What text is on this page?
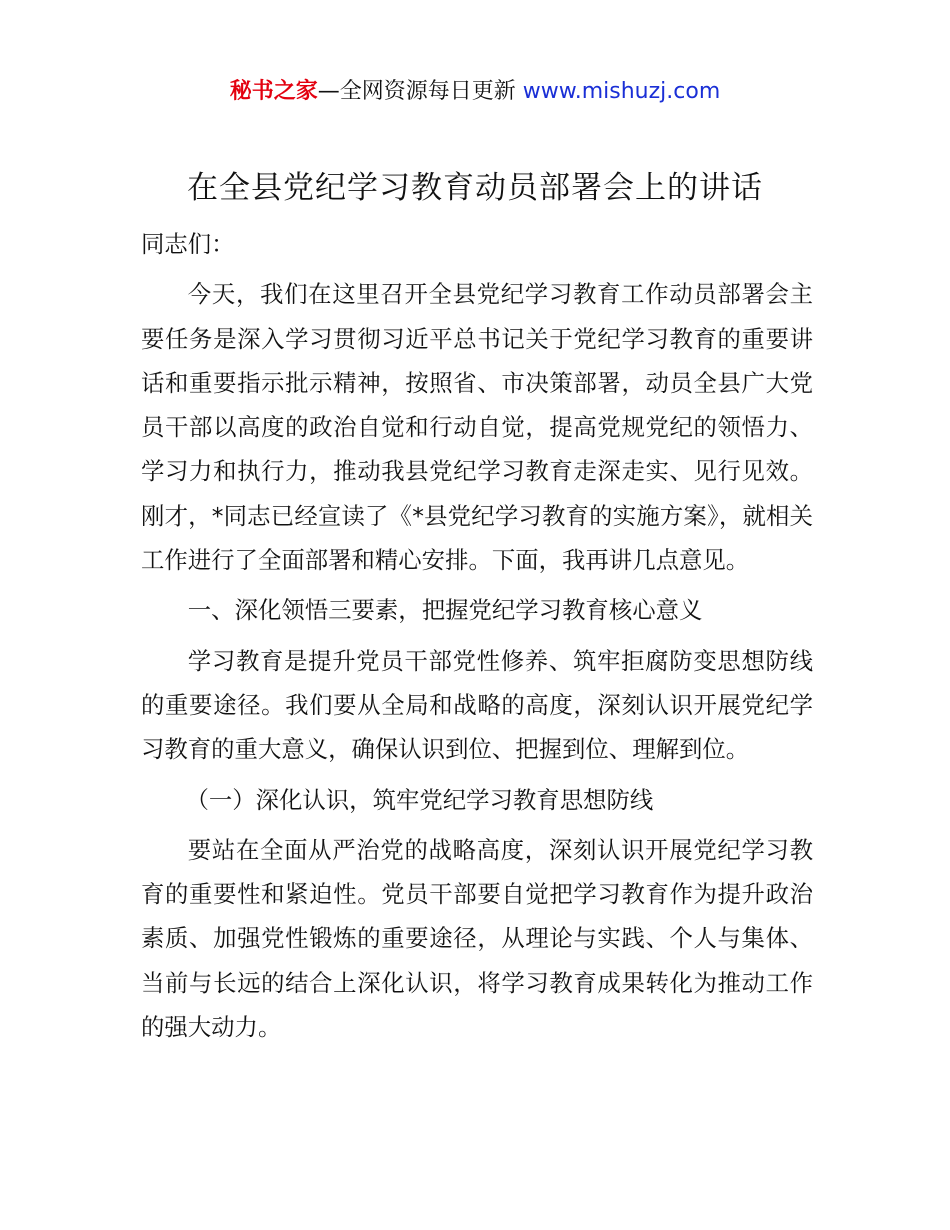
秘书之家—全网资源每日更新 www.mishuzj.com
在全县党纪学习教育动员部署会上的讲话

同志们：

今天，我们在这里召开全县党纪学习教育工作动员部署会主要任务是深入学习贯彻习近平总书记关于党纪学习教育的重要讲话和重要指示批示精神，按照省、市决策部署，动员全县广大党员干部以高度的政治自觉和行动自觉，提高党规党纪的领悟力、学习力和执行力，推动我县党纪学习教育走深走实、见行见效。刚才，*同志已经宣读了《*县党纪学习教育的实施方案》，就相关工作进行了全面部署和精心安排。下面，我再讲几点意见。

一、深化领悟三要素，把握党纪学习教育核心意义

学习教育是提升党员干部党性修养、筑牢拒腐防变思想防线的重要途径。我们要从全局和战略的高度，深刻认识开展党纪学习教育的重大意义，确保认识到位、把握到位、理解到位。

（一）深化认识，筑牢党纪学习教育思想防线

要站在全面从严治党的战略高度，深刻认识开展党纪学习教育的重要性和紧迫性。党员干部要自觉把学习教育作为提升政治素质、加强党性锻炼的重要途径，从理论与实践、个人与集体、当前与长远的结合上深化认识，将学习教育成果转化为推动工作的强大动力。
